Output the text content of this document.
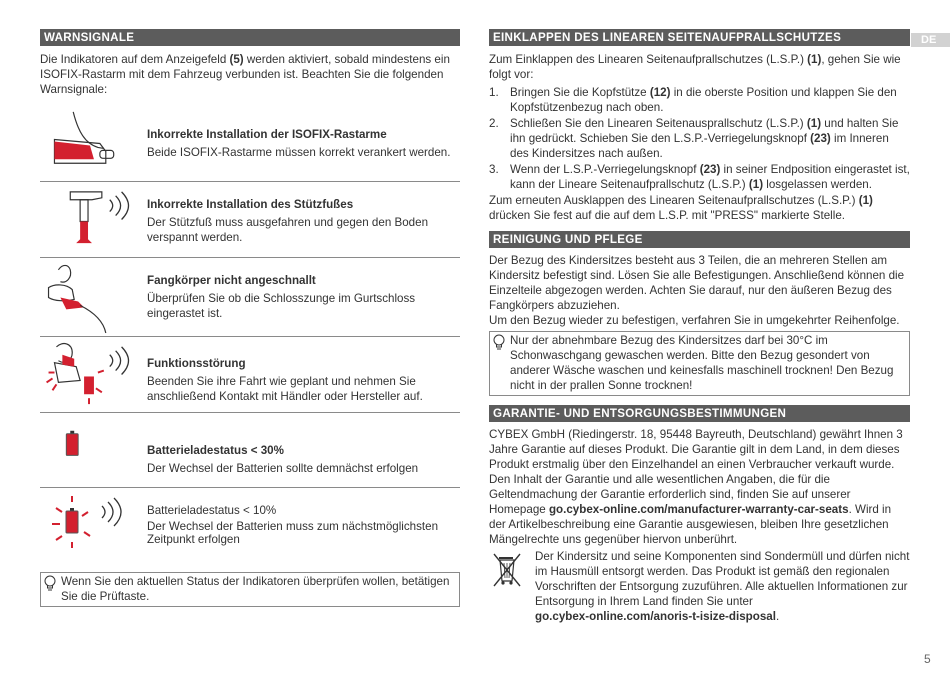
DE
5
WARNSIGNALE

Die Indikatoren auf dem Anzeigefeld (5) werden aktiviert, sobald mindestens ein ISOFIX-Rastarm mit dem Fahrzeug verbunden ist. Beachten Sie die folgenden Warnsignale:

Inkorrekte Installation der ISOFIX-Rastarme
Beide ISOFIX-Rastarme müssen korrekt verankert werden.
Inkorrekte Installation des Stützfußes
Der Stützfuß muss ausgefahren und gegen den Boden verspannt werden.
Fangkörper nicht angeschnallt
Überprüfen Sie ob die Schlosszunge im Gurtschloss eingerastet ist.
Funktionsstörung
Beenden Sie ihre Fahrt wie geplant und nehmen Sie anschließend Kontakt mit Händler oder Hersteller auf.
Batterieladestatus < 30%
Der Wechsel der Batterien sollte demnächst erfolgen
Batterieladestatus < 10%
Der Wechsel der Batterien muss zum nächstmöglichsten Zeitpunkt erfolgen
Wenn Sie den aktuellen Status der Indikatoren überprüfen wollen, betätigen Sie die Prüftaste.
EINKLAPPEN DES LINEAREN SEITENAUFPRALLSCHUTZES

Zum Einklappen des Linearen Seitenaufprallschutzes (L.S.P.) (1), gehen Sie wie folgt vor:

1. Bringen Sie die Kopfstütze (12) in die oberste Position und klappen Sie den Kopfstützenbezug nach oben.
2. Schließen Sie den Linearen Seitenausprallschutz (L.S.P.) (1) und halten Sie ihn gedrückt. Schieben Sie den L.S.P.-Verriegelungsknopf (23) im Inneren des Kindersitzes nach außen.
3. Wenn der L.S.P.-Verriegelungsknopf (23) in seiner Endposition eingerastet ist, kann der Lineare Seitenaufprallschutz (L.S.P.) (1) losgelassen werden.

Zum erneuten Ausklappen des Linearen Seitenaufprallschutzes (L.S.P.) (1) drücken Sie fest auf die auf dem L.S.P. mit "PRESS" markierte Stelle.

REINIGUNG UND PFLEGE

Der Bezug des Kindersitzes besteht aus 3 Teilen, die an mehreren Stellen am Kindersitz befestigt sind. Lösen Sie alle Befestigungen. Anschließend können die Einzelteile abgezogen werden. Achten Sie darauf, nur den äußeren Bezug des Fangkörpers abzuziehen.

Um den Bezug wieder zu befestigen, verfahren Sie in umgekehrter Reihenfolge.

Nur der abnehmbare Bezug des Kindersitzes darf bei 30°C im Schonwaschgang gewaschen werden. Bitte den Bezug gesondert von anderer Wäsche waschen und keinesfalls maschinell trocknen! Den Bezug nicht in der prallen Sonne trocknen!
GARANTIE- UND ENTSORGUNGSBESTIMMUNGEN

CYBEX GmbH (Riedingerstr. 18, 95448 Bayreuth, Deutschland) gewährt Ihnen 3 Jahre Garantie auf dieses Produkt. Die Garantie gilt in dem Land, in dem dieses Produkt erstmalig über den Einzelhandel an einen Verbraucher verkauft wurde. Den Inhalt der Garantie und alle wesentlichen Angaben, die für die Geltendmachung der Garantie erforderlich sind, finden Sie auf unserer Homepage go.cybex-online.com/manufacturer-warranty-car-seats. Wird in der Artikelbeschreibung eine Garantie ausgewiesen, bleiben Ihre gesetzlichen Mängelrechte uns gegenüber hiervon unberührt.

Der Kindersitz und seine Komponenten sind Sondermüll und dürfen nicht im Hausmüll entsorgt werden. Das Produkt ist gemäß den regionalen Vorschriften der Entsorgung zuzuführen. Alle aktuellen Informationen zur Entsorgung in Ihrem Land finden Sie unter
go.cybex-online.com/anoris-t-isize-disposal.
